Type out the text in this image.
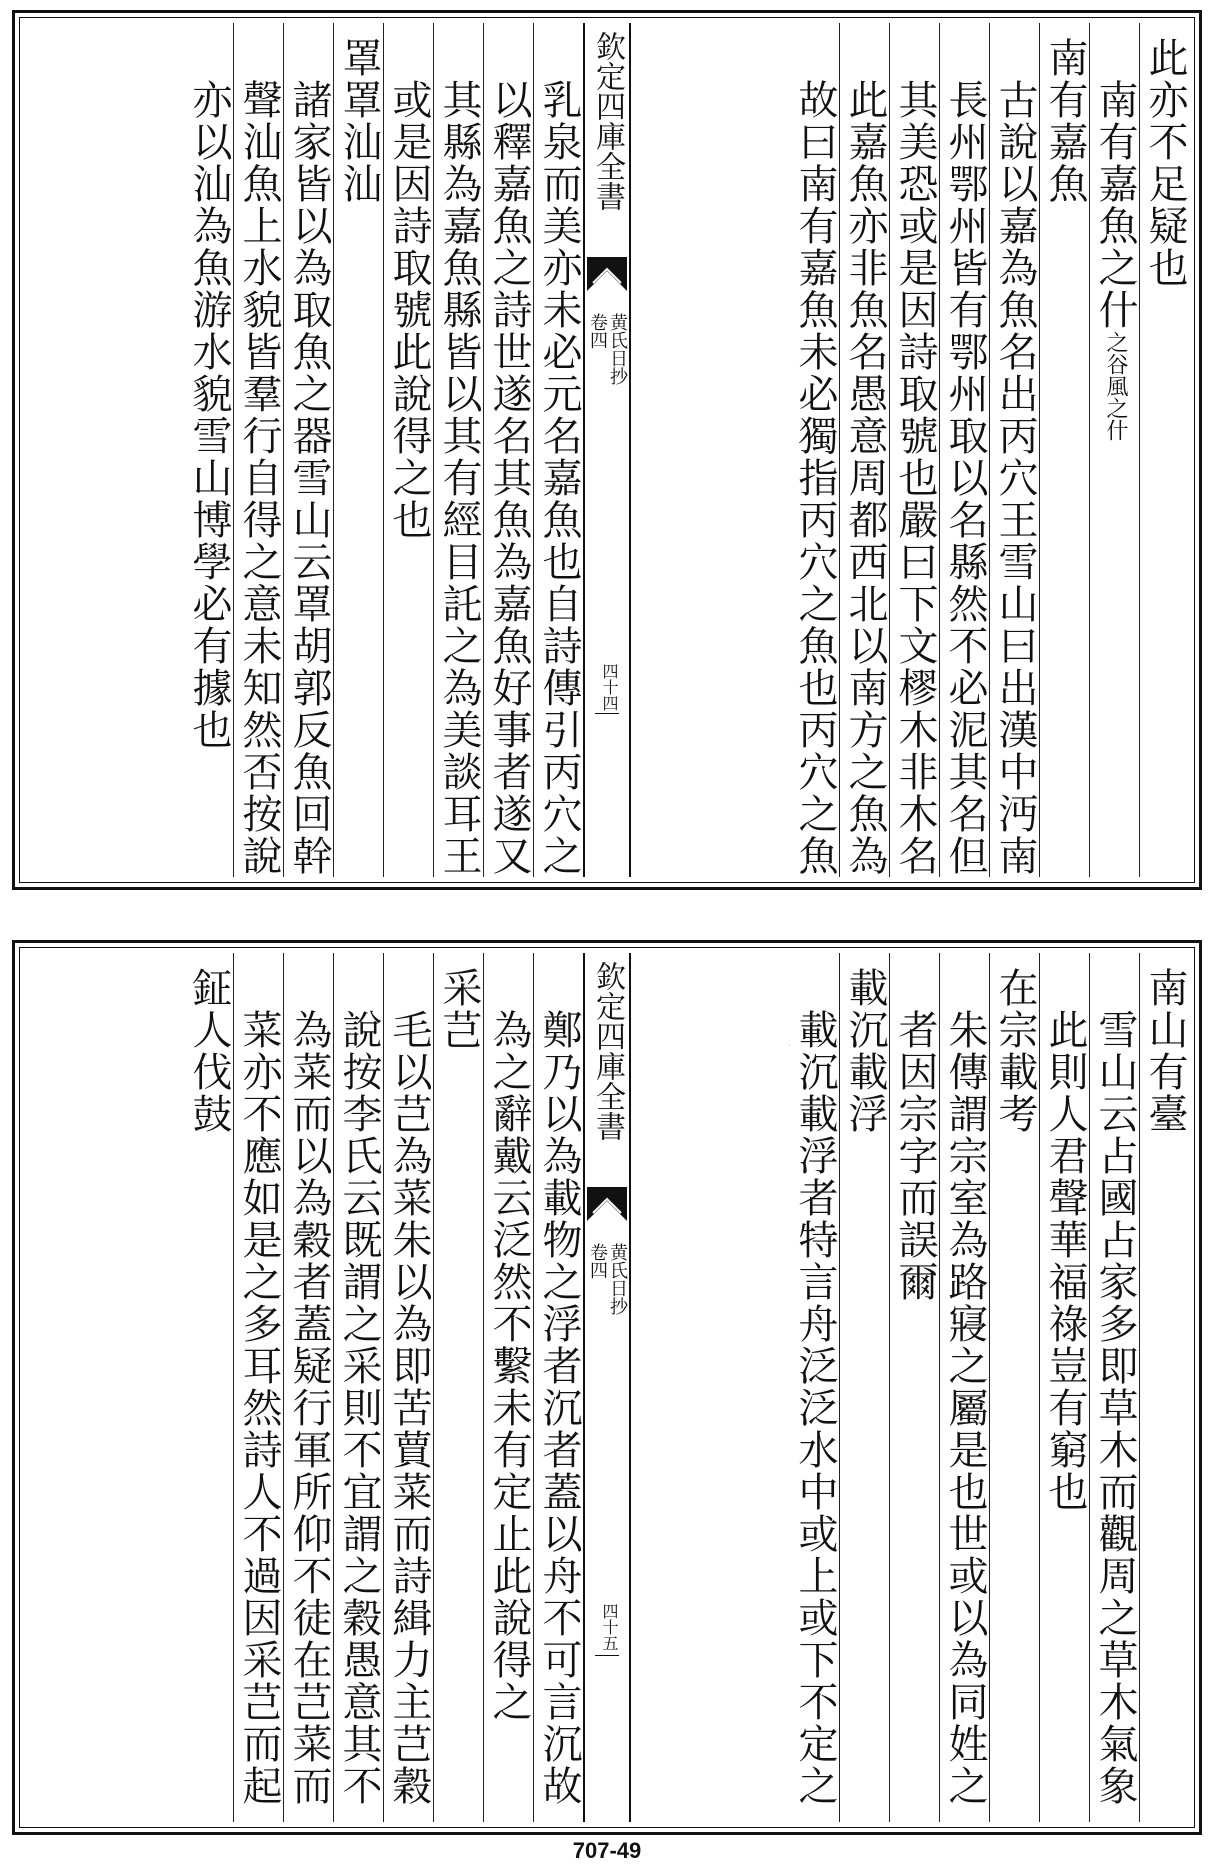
此亦不足疑也
南有嘉魚之什之谷風之什
南有嘉魚
古說以嘉為魚名出丙穴王雪山曰出漢中沔南
長州鄂州皆有鄂州取以名縣然不必泥其名但
其美恐或是因詩取號也嚴曰下文樛木非木名
此嘉魚亦非魚名愚意周都西北以南方之魚為
故曰南有嘉魚未必獨指丙穴之魚也丙穴之魚
欽定四庫全書
黄氏日抄
卷四
四十四
乳泉而美亦未必元名嘉魚也自詩傳引丙穴之
以釋嘉魚之詩世遂名其魚為嘉魚好事者遂又
其縣為嘉魚縣皆以其有經目託之為美談耳王
或是因詩取號此說得之也
罩罩汕汕
諸家皆以為取魚之器雪山云罩胡郭反魚回幹
聲汕魚上水貌皆羣行自得之意未知然否按說
亦以汕為魚游水貌雪山博學必有據也
南山有臺
雪山云占國占家多即草木而觀周之草木氣象
此則人君聲華福祿豈有窮也
在宗載考
朱傳謂宗室為路寢之屬是也世或以為同姓之
者因宗字而誤爾
載沉載浮
載沉載浮者特言舟泛泛水中或上或下不定之
欽定四庫全書
黄氏日抄
卷四
四十五
鄭乃以為載物之浮者沉者蓋以舟不可言沉故
為之辭戴云泛然不繫未有定止此說得之
采芑
毛以芑為菜朱以為即苦蕒菜而詩緝力主芑穀
說按李氏云既謂之采則不宜謂之穀愚意其不
為菜而以為穀者蓋疑行軍所仰不徒在芑菜而
菜亦不應如是之多耳然詩人不過因采芑而起
鉦人伐鼓
707-49
